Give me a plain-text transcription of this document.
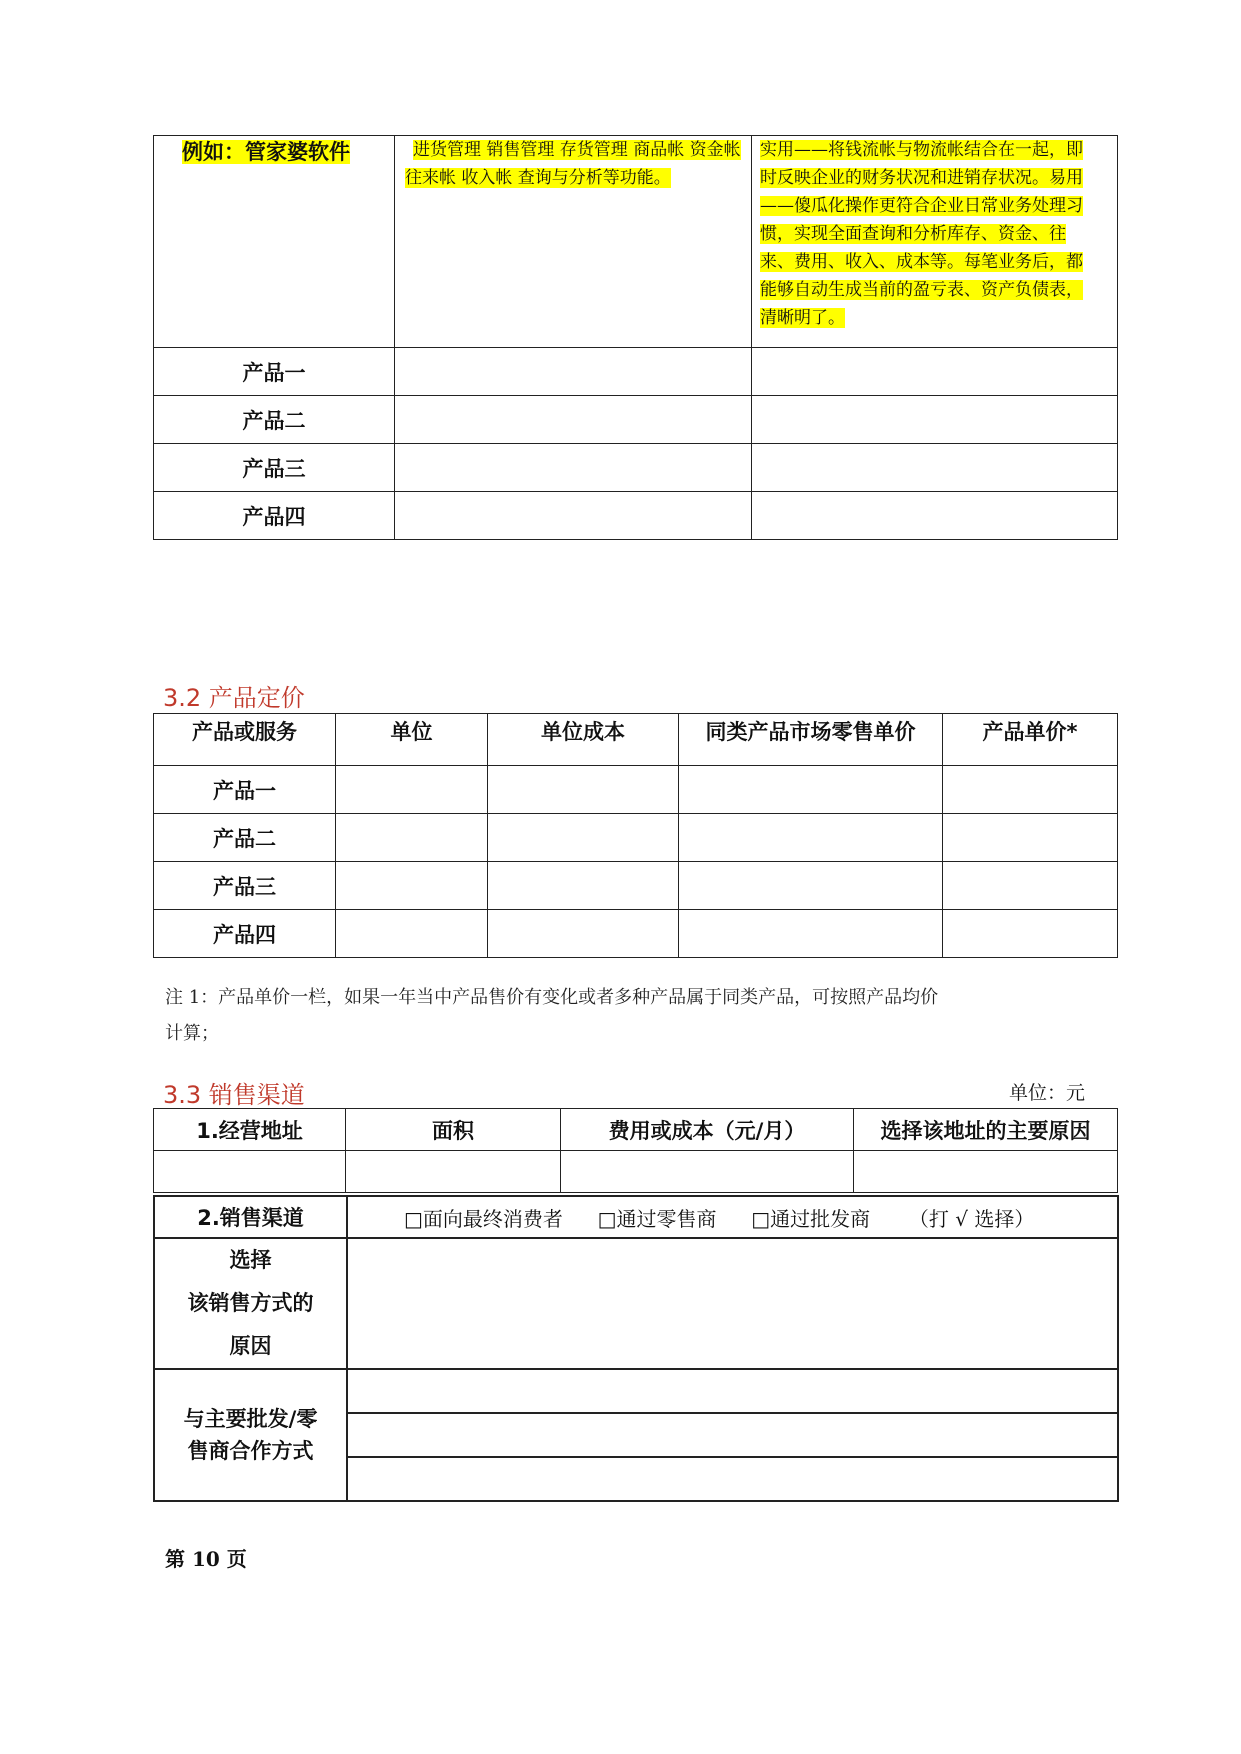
例如：管家婆软件	进货管理 销售管理 存货管理 商品帐 资金帐 往来帐 收入帐 查询与分析等功能。	实用——将钱流帐与物流帐结合在一起，即时反映企业的财务状况和进销存状况。易用——傻瓜化操作更符合企业日常业务处理习惯，实现全面查询和分析库存、资金、往来、费用、收入、成本等。每笔业务后，都能够自动生成当前的盈亏表、资产负债表，清晰明了。

产品一		
产品二		
产品三		
产品四		
3.2 产品定价
产品或服务	单位	单位成本	同类产品市场零售单价	产品单价*
产品一				
产品二				
产品三				
产品四				
注 1：产品单价一栏，如果一年当中产品售价有变化或者多种产品属于同类产品，可按照产品均价
计算；
3.3 销售渠道	单位：元
1.经营地址	面积	费用或成本（元/月）	选择该地址的主要原因

2.销售渠道	□面向最终消费者 □通过零售商 □通过批发商 （打 √ 选择）

选择
该销售方式的
原因	

与主要批发/零
售商合作方式	

第 10 页
